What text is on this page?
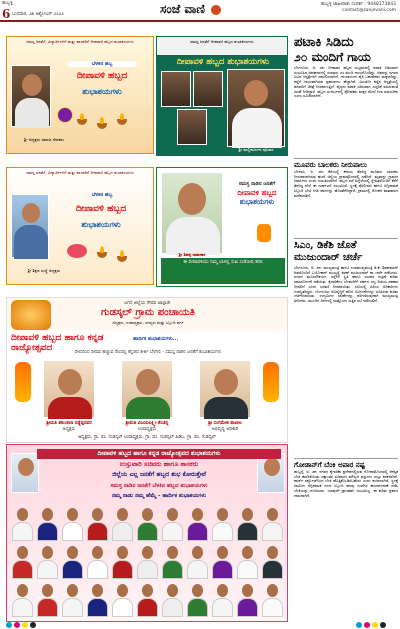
ಹುಬ್ಬಳ್ಳಿ
6 ಬುಧವಾರ, ೨೫ ಅಕ್ಟೋಬರ್ ೨೦೨೨	ಸಂಜೆ ವಾಣಿ	ಹುಬ್ಬಳ್ಳಿ ಜಾಹೀರಾತು ಸಂಪರ್ಕ : 9448173843
contact@sanjevani.com
ಸಮಸ್ತ ಜನತೆಗೆ, ವಿದ್ಯಾರ್ಥಿಗಳಿಗೆ ಮತ್ತು ಪಾಲಕರಿಗೆ ದೀಪಾವಳಿ ಹಬ್ಬದ ಶುಭಾಶಯಗಳು
ಬೆಳಕಿನ ಹಬ್ಬ
ದೀಪಾವಳಿ ಹಬ್ಬದ
ಶುಭಾಶಯಗಳು
ಶ್ರೀ ಅಧ್ಯಕ್ಷರು ಸಮಾಜ ಸೇವಕರು
ಸಮಸ್ತ ಜನತೆಗೆ ದೀಪಾವಳಿ ಹಬ್ಬದ ಶುಭಾಶಯಗಳು
ದೀಪಾವಳಿ ಹಬ್ಬದ ಶುಭಾಶಯಗಳು
ಶ್ರೀ ಮಲ್ಲಿಕಾರ್ಜುನ ಪೂಜಾರ
ಸಮಸ್ತ ಜನತೆಗೆ, ವಿದ್ಯಾರ್ಥಿಗಳಿಗೆ ಮತ್ತು ಪಾಲಕರಿಗೆ ದೀಪಾವಳಿ ಹಬ್ಬದ ಶುಭಾಶಯಗಳು
ಬೆಳಕಿನ ಹಬ್ಬ
ದೀಪಾವಳಿ ಹಬ್ಬದ
ಶುಭಾಶಯಗಳು
ಶ್ರೀ ಶಿಕ್ಷಣ ಸಂಸ್ಥೆ ಅಧ್ಯಕ್ಷರು
ಸಮಸ್ತ ನಾಡಿನ ಜನತೆಗೆ
ದೀಪಾವಳಿ ಹಬ್ಬದ
ಶುಭಾಶಯಗಳು
ಈ ದೀಪಾವಳಿಯು ನಿಮ್ಮ ಬಾಳಲ್ಲಿ ಸುಖ ಸಂತೋಷ ತರಲಿ
ಶ್ರೀ ಶಿವಪ್ಪ ಸಾಹುಕಾರ
ಜಗದ ಜಿಲ್ಲೆಯ ಗೌರವ ಜಾಲ್ಪಾಡಿ
ಗುಡಸ್ಕಲ್ ಗ್ರಾಮ ಪಂಚಾಯತಿ
ಅಧ್ಯಕ್ಷರು, ಉಪಾಧ್ಯಕ್ಷರು, ಸದಸ್ಯರು ಮತ್ತು ಸಿಬ್ಬಂದಿ ವರ್ಗ
ದೀಪಾವಳಿ ಹಬ್ಬದ ಹಾಗೂ ಕನ್ನಡ ರಾಜ್ಯೋತ್ಸವದ
ಹಾರ್ದಿಕ ಶುಭಾಶಯಗಳು...
ದೀಪದಿಂದ ದೀಪವ ಹಚ್ಚುವ ನೆಲದಲ್ಲಿ ಕನ್ನಡದ ಕೀರ್ತಿ ಬೆಳಗಲಿ - ಸಮಸ್ತ ನಾಡಿನ ಜನತೆಗೆ ಶುಭಾಶಯಗಳು
ಶ್ರೀಮತಿ ಶಕುಂತಲಾ ರಡ್ಡೆಪ್ಪನವರ	ಶ್ರೀಮತಿ ವಿಜಯಲಕ್ಷ್ಮೀ ಕೆಂಚನ್ನ	ಶ್ರೀ ಸಂಗಮೇಶ ಪಾಟೀಲ
ಅಧ್ಯಕ್ಷರು	ಉಪಾಧ್ಯಕ್ಷರು	ಅಭಿವೃದ್ಧಿ ಅಧಿಕಾರಿ
ಅಧ್ಯಕ್ಷರು, ಗ್ರಾ. ಪಂ. ಗುಡಸ್ಕಲ್ ಉಪಾಧ್ಯಕ್ಷರು, ಗ್ರಾ. ಪಂ. ಗುಡಸ್ಕಲ್ ಪಿಡಿಒ, ಗ್ರಾ. ಪಂ. ಗುಡಸ್ಕಲ್
ದೀಪಾವಳಿ ಹಬ್ಬದ ಹಾಗೂ ಕನ್ನಡ ರಾಜ್ಯೋತ್ಸವದ ಶುಭಾಶಯಗಳು
ಉಸ್ತುವಾರಿ ಸಚಿವರು ಹಾಗೂ ಶಾಸಕರು
ಜಿಲ್ಲೆಯ ಎಲ್ಲ ಜನತೆಗೆ ಹಬ್ಬದ ಶುಭ ಕೋರುತ್ತೇವೆ
ಸಮಸ್ತ ನಾಡಿನ ಜನತೆಗೆ ಬೆಳಕಿನ ಹಬ್ಬದ ಶುಭಾಶಯಗಳು
ನಮ್ಮ ನಾಡು ನಮ್ಮ ಹೆಮ್ಮೆ - ಹಾರ್ದಿಕ ಶುಭಾಶಯಗಳು
ಪಟಾಕಿ ಸಿಡಿದು
೨೦ ಮಂದಿಗೆ ಗಾಯ
ಬೆಂಗಳೂರು, ಅ. ೨೫: ದೀಪಾವಳಿ ಹಬ್ಬದ ಸಂಭ್ರಮದಲ್ಲಿ ಪಟಾಕಿ ಸಿಡಿಸುವಾಗ ಸಂಭವಿಸಿದ ಅವಘಡಗಳಲ್ಲಿ ಸುಮಾರು ೨೦ ಮಂದಿ ಗಾಯಗೊಂಡಿದ್ದು, ಅವರನ್ನು ನಗರದ ವಿವಿಧ ಆಸ್ಪತ್ರೆಗಳಿಗೆ ದಾಖಲಿಸಲಾಗಿದೆ. ಗಾಯಾಳುಗಳ ಪೈಕಿ ಬಹುತೇಕರು ಮಕ್ಕಳಾಗಿದ್ದು, ಕಣ್ಣಿಗೆ ಗಾಯವಾಗಿರುವ ಪ್ರಕರಣಗಳು ಹೆಚ್ಚಾಗಿವೆ. ಮಿಂಟೋ ಕಣ್ಣಿನ ಆಸ್ಪತ್ರೆಯಲ್ಲಿ ಹಲವರಿಗೆ ಚಿಕಿತ್ಸೆ ನೀಡಲಾಗುತ್ತಿದೆ. ವೈದ್ಯರು ಪಟಾಕಿ ಸಿಡಿಸುವಾಗ ಎಚ್ಚರಿಕೆ ವಹಿಸುವಂತೆ ಸಲಹೆ ನೀಡಿದ್ದಾರೆ. ಹಬ್ಬದ ಸಂದರ್ಭದಲ್ಲಿ ಪೋಷಕರು ಮಕ್ಕಳ ಮೇಲೆ ನಿಗಾ ವಹಿಸಬೇಕು ಎಂದು ಸೂಚಿಸಲಾಗಿದೆ.
ಮೂವರು ಬಾಲಕರು ನೀರುಪಾಲು
ಬೆಳಗಾವಿ, ಅ. ೨೫: ಕೆರೆಯಲ್ಲಿ ಈಜಲು ತೆರಳಿದ್ದ ಮೂವರು ಬಾಲಕರು ನೀರುಪಾಲಾಗಿರುವ ಘಟನೆ ಜಿಲ್ಲೆಯ ಗ್ರಾಮವೊಂದರಲ್ಲಿ ನಡೆದಿದೆ. ಮೃತರನ್ನು ಗ್ರಾಮದ ನಿವಾಸಿಗಳು ಎಂದು ಗುರುತಿಸಲಾಗಿದೆ. ಹಬ್ಬದ ರಜೆ ಹಿನ್ನೆಲೆಯಲ್ಲಿ ಸ್ನೇಹಿತರೊಂದಿಗೆ ಕೆರೆಗೆ ತೆರಳಿದ್ದ ವೇಳೆ ಈ ದುರ್ಘಟನೆ ಸಂಭವಿಸಿದೆ. ಸ್ಥಳಕ್ಕೆ ಪೊಲೀಸರು ಹಾಗೂ ಅಗ್ನಿಶಾಮಕ ಸಿಬ್ಬಂದಿ ಭೇಟಿ ನೀಡಿ ಶವಗಳನ್ನು ಹೊರತೆಗೆದಿದ್ದಾರೆ. ಗ್ರಾಮದಲ್ಲಿ ಶೋಕದ ವಾತಾವರಣ ಮನೆಮಾಡಿದೆ.
ಸಿಎಂ, ಡಿಕೆಶಿ ಜೊತೆ
ಮುಜುಂದಾರ್ ಚರ್ಚೆ
ಬೆಂಗಳೂರು, ಅ. ೨೫: ಮುಖ್ಯಮಂತ್ರಿ ಹಾಗೂ ಉಪಮುಖ್ಯಮಂತ್ರಿ ಡಿ.ಕೆ. ಶಿವಕುಮಾರ್ ಅವರೊಂದಿಗೆ ಬಯೋಕಾನ್ ಮುಖ್ಯಸ್ಥೆ ಕಿರಣ್ ಮುಜುಂದಾರ್ ಶಾ ಚರ್ಚೆ ನಡೆಸಿದರು. ನಗರದ ಮೂಲಸೌಕರ್ಯ, ರಸ್ತೆಗಳ ಸ್ಥಿತಿ ಹಾಗೂ ಸಂಚಾರ ದಟ್ಟಣೆ ಕುರಿತು ಸಮಾಲೋಚನೆ ನಡೆಯಿತು. ಕೈಗಾರಿಕೆಗಳ ಬೆಳವಣಿಗೆಗೆ ಸರ್ಕಾರ ಎಲ್ಲ ರೀತಿಯ ಸಹಕಾರ ನೀಡಲಿದೆ ಎಂದು ಭರವಸೆ ನೀಡಲಾಯಿತು. ಸಭೆಯಲ್ಲಿ ಹಿರಿಯ ಅಧಿಕಾರಿಗಳು ಉಪಸ್ಥಿತರಿದ್ದರು. ಬೆಂಗಳೂರು ಅಭಿವೃದ್ಧಿಗೆ ಹೊಸ ಯೋಜನೆಗಳನ್ನು ರೂಪಿಸುವ ಕುರಿತು ಚರ್ಚಿಸಲಾಯಿತು. ಉದ್ಯಮಿಗಳ ಸಲಹೆಗಳನ್ನು ಪರಿಗಣಿಸುವುದಾಗಿ ಮುಖ್ಯಮಂತ್ರಿ ತಿಳಿಸಿದರು. ಮುಂದಿನ ದಿನಗಳಲ್ಲಿ ಮತ್ತೊಂದು ಸುತ್ತಿನ ಸಭೆ ನಡೆಯಲಿದೆ.
ಗೋಡಾನ್‌ಗೆ ಬೆಂಕಿ ಅಪಾರ ನಷ್ಟ
ಹುಬ್ಬಳ್ಳಿ, ಅ. ೨೫: ನಗರದ ಕೈಗಾರಿಕಾ ಪ್ರದೇಶದಲ್ಲಿರುವ ಗೋದಾಮೊಂದರಲ್ಲಿ ಆಕಸ್ಮಿಕ ಬೆಂಕಿ ಕಾಣಿಸಿಕೊಂಡು ಲಕ್ಷಾಂತರ ರೂಪಾಯಿ ಮೌಲ್ಯದ ವಸ್ತುಗಳು ಸುಟ್ಟು ಕರಕಲಾಗಿವೆ. ಶಾರ್ಟ್ ಸರ್ಕ್ಯೂಟ್‌ನಿಂದ ಬೆಂಕಿ ಹೊತ್ತಿಕೊಂಡಿರಬಹುದು ಎಂದು ಶಂಕಿಸಲಾಗಿದೆ. ಸ್ಥಳಕ್ಕೆ ಧಾವಿಸಿದ ಅಗ್ನಿಶಾಮಕ ದಳದ ಸಿಬ್ಬಂದಿ ಹಲವು ಗಂಟೆಗಳ ಕಾರ್ಯಾಚರಣೆ ನಡೆಸಿ ಬೆಂಕಿಯನ್ನು ನಂದಿಸಿದರು. ಯಾವುದೇ ಪ್ರಾಣಹಾನಿ ಸಂಭವಿಸಿಲ್ಲ. ಈ ಕುರಿತು ಪ್ರಕರಣ ದಾಖಲಾಗಿದೆ.
